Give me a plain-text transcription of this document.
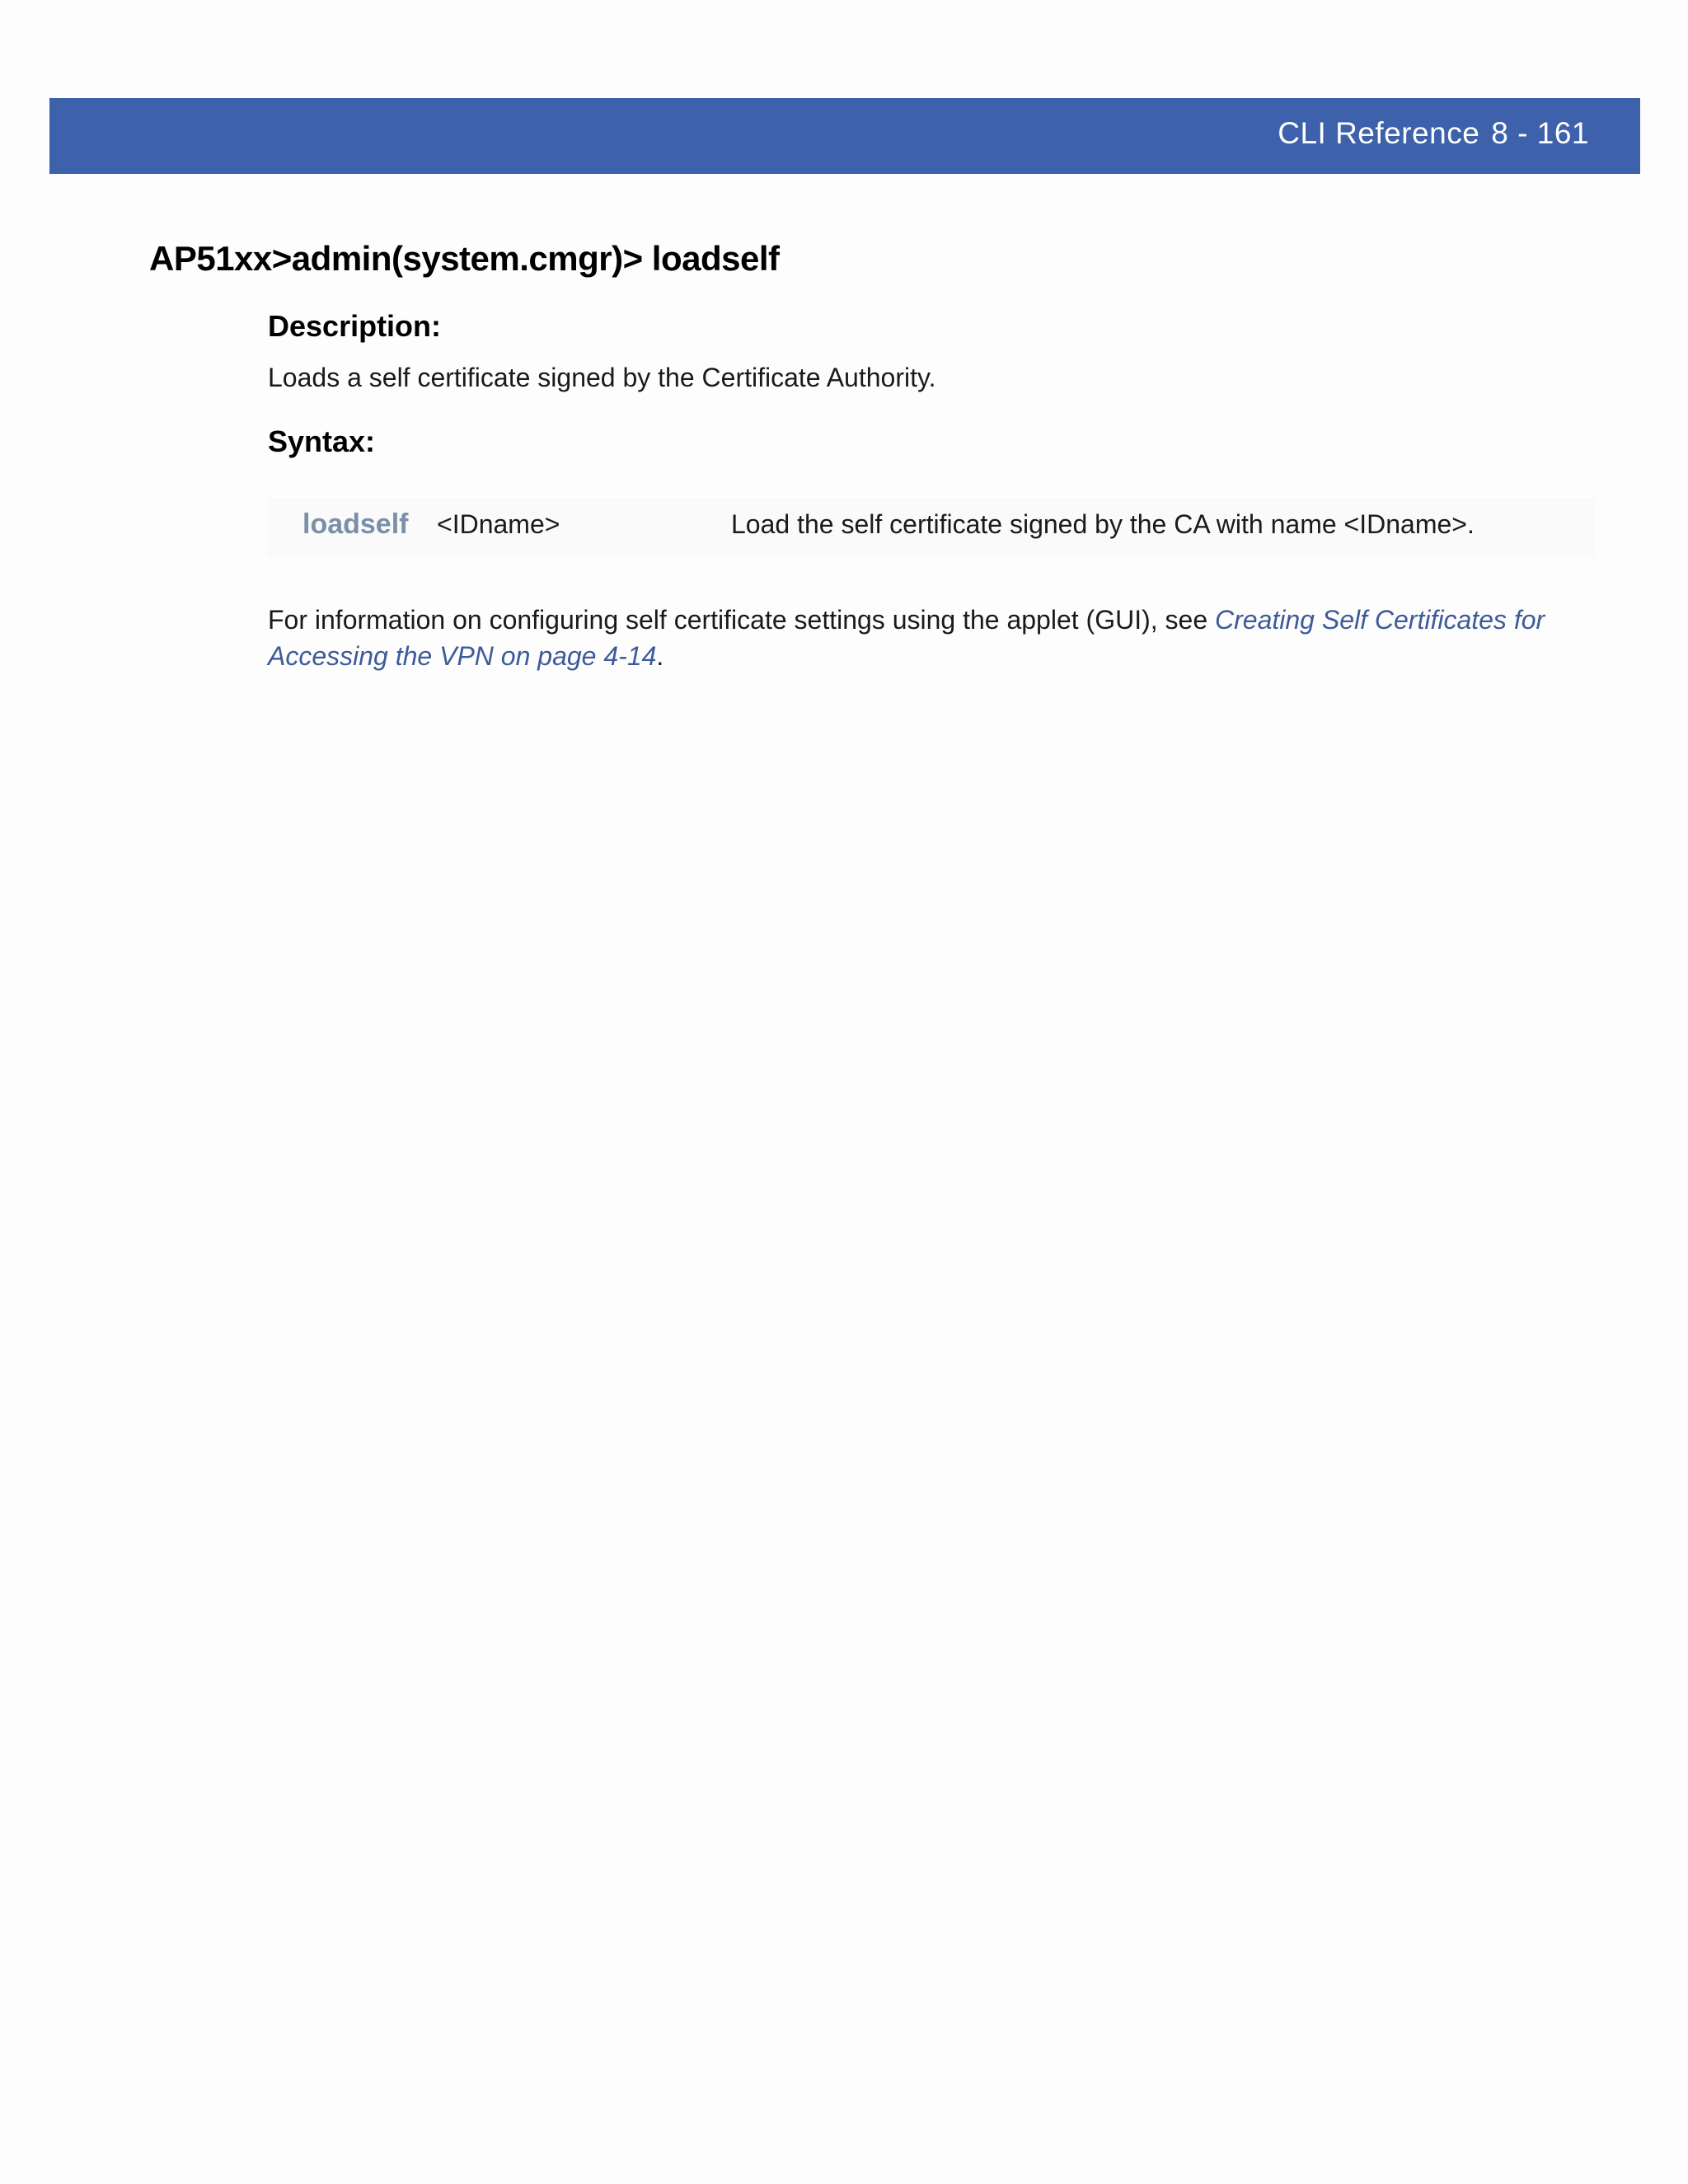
CLI Reference 8 - 161
AP51xx>admin(system.cmgr)> loadself
Description:
Loads a self certificate signed by the Certificate Authority.
Syntax:
loadself <IDname>	Load the self certificate signed by the CA with name <IDname>.
For information on configuring self certificate settings using the applet (GUI), see Creating Self Certificates for Accessing the VPN on page 4-14.
